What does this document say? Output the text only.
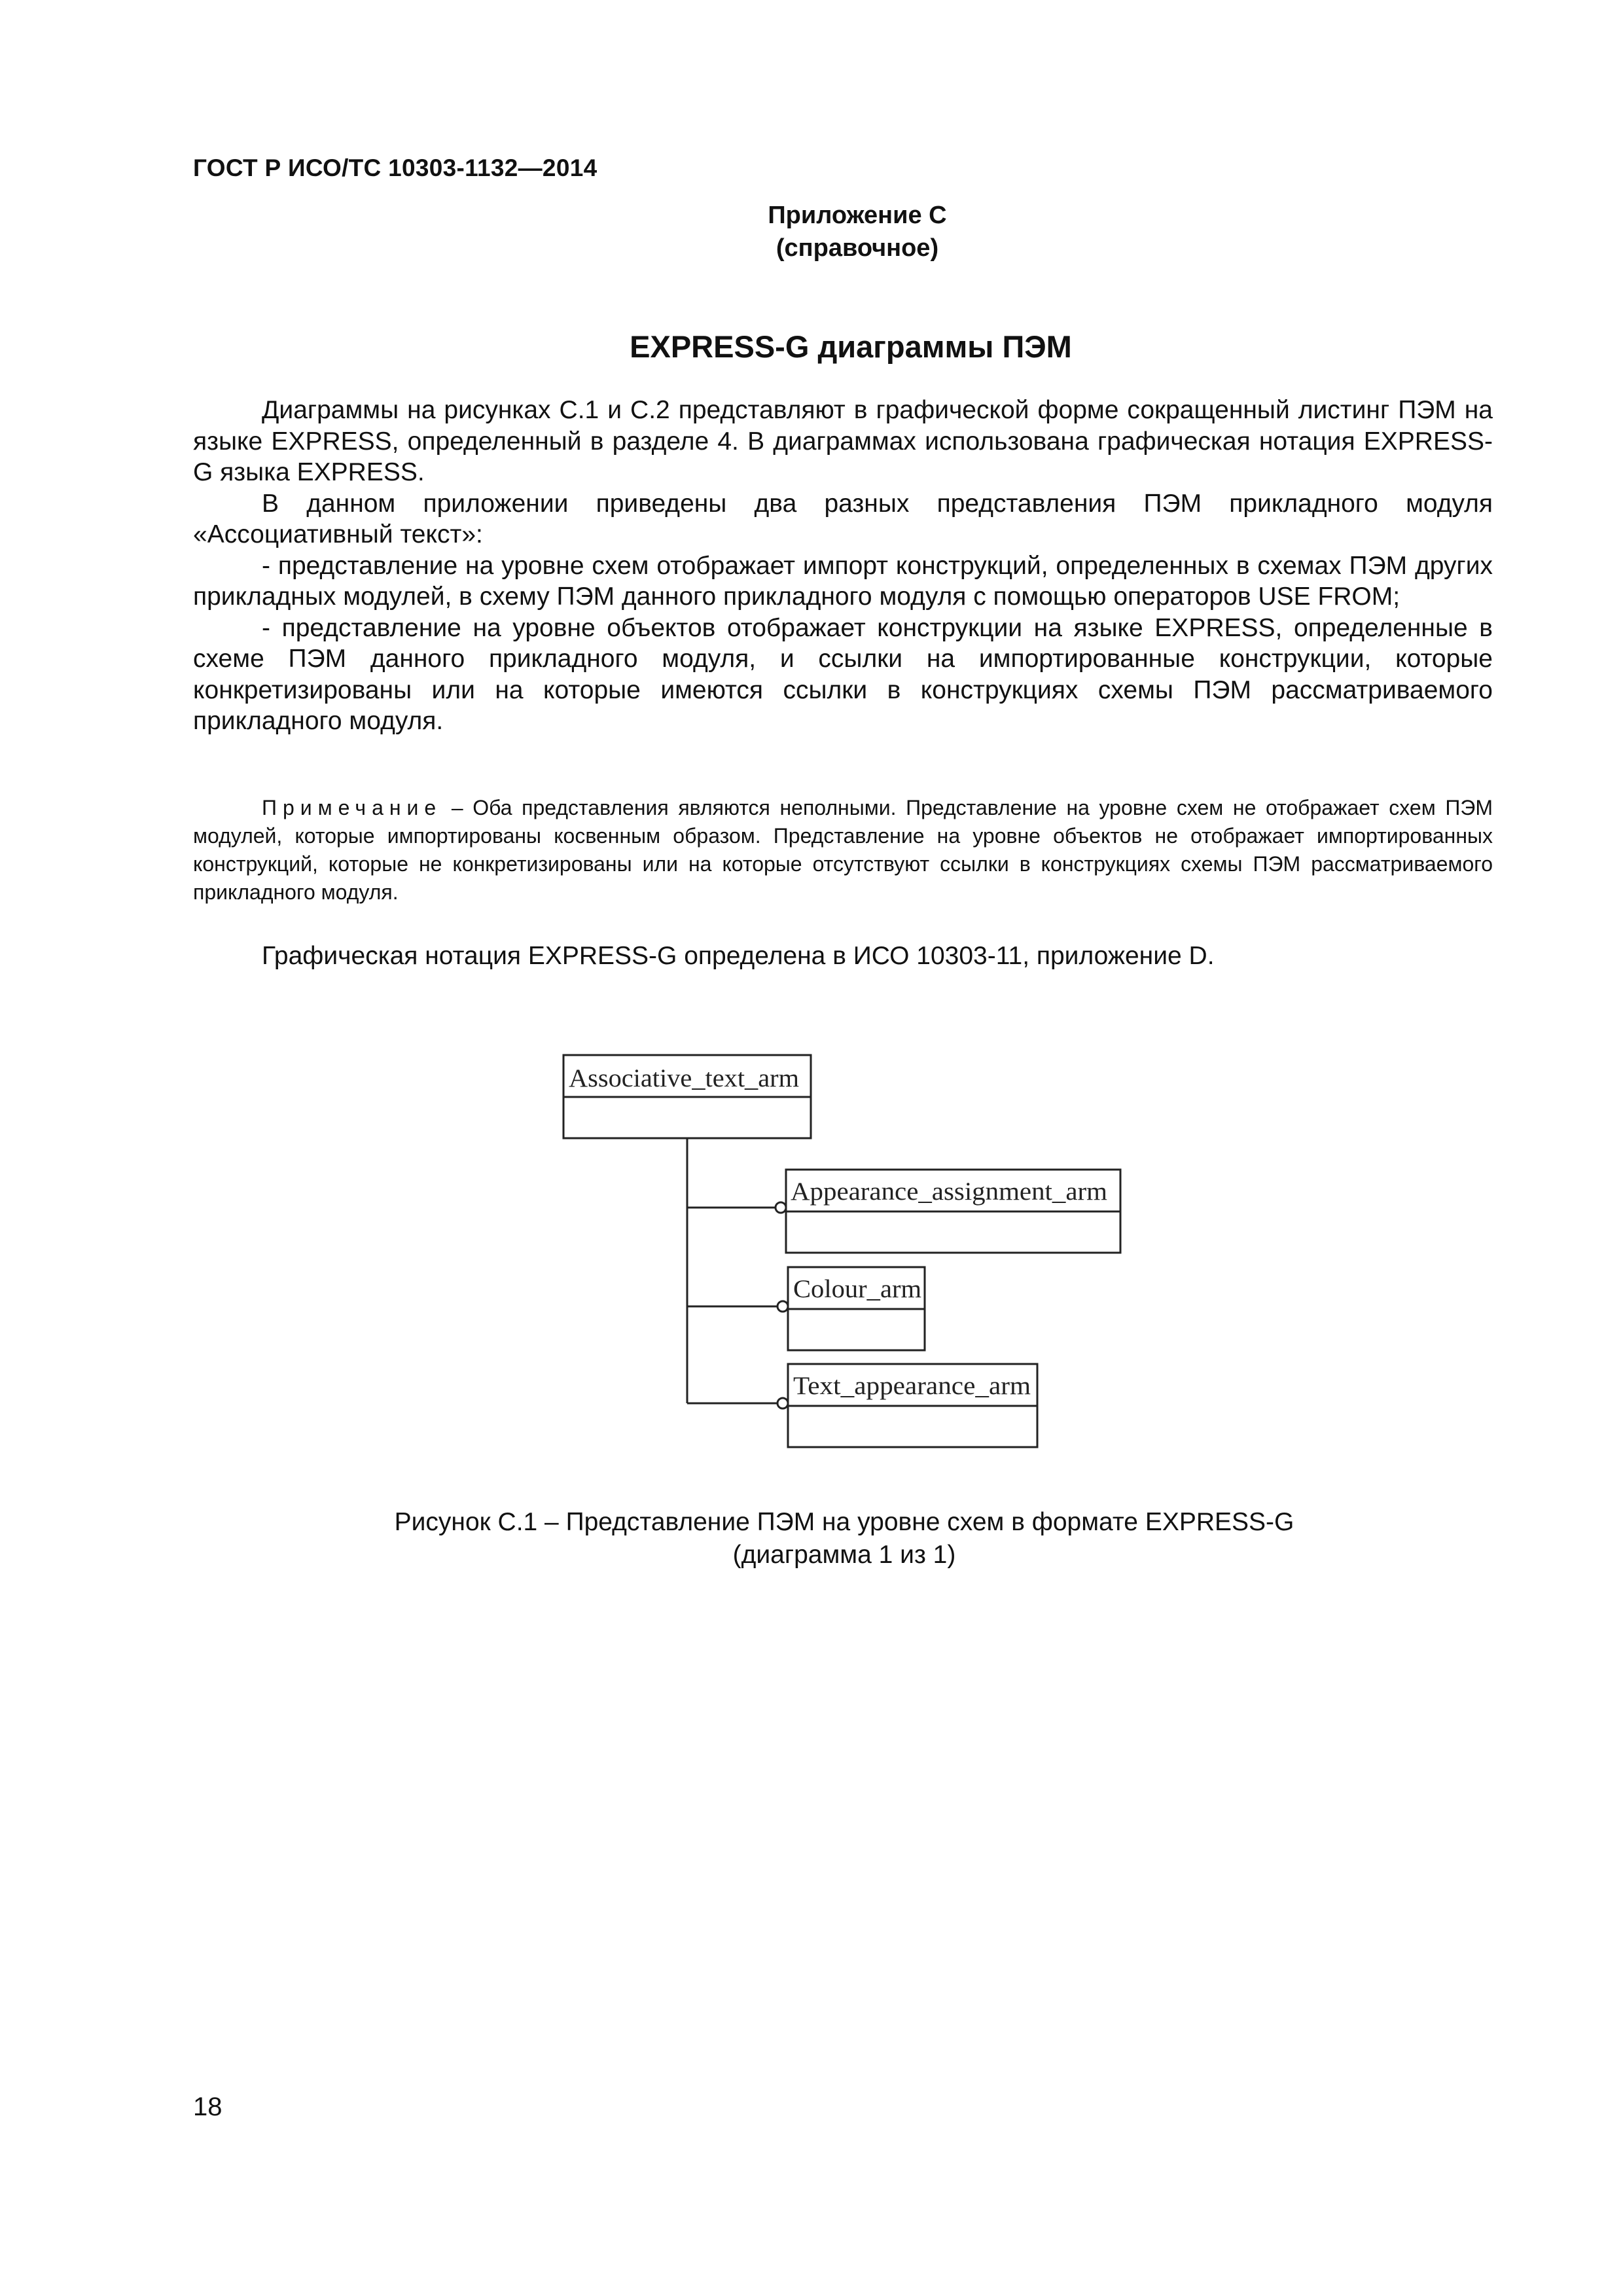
ГОСТ Р ИСО/ТС 10303-1132—2014
Приложение С
(справочное)
EXPRESS-G диаграммы ПЭМ

Диаграммы на рисунках С.1 и С.2 представляют в графической форме сокращенный листинг ПЭМ на языке EXPRESS, определенный в разделе 4. В диаграммах использована графическая нотация EXPRESS-G языка EXPRESS.

В данном приложении приведены два разных представления ПЭМ прикладного модуля «Ассоциативный текст»:

- представление на уровне схем отображает импорт конструкций, определенных в схемах ПЭМ других прикладных модулей, в схему ПЭМ данного прикладного модуля с помощью операторов USE FROM;

- представление на уровне объектов отображает конструкции на языке EXPRESS, определенные в схеме ПЭМ данного прикладного модуля, и ссылки на импортированные конструкции, которые конкретизированы или на которые имеются ссылки в конструкциях схемы ПЭМ рассматриваемого прикладного модуля.

Примечание – Оба представления являются неполными. Представление на уровне схем не отображает схем ПЭМ модулей, которые импортированы косвенным образом. Представление на уровне объектов не отображает импортированных конструкций, которые не конкретизированы или на которые отсутствуют ссылки в конструкциях схемы ПЭМ рассматриваемого прикладного модуля.

Графическая нотация EXPRESS-G определена в ИСО 10303-11, приложение D.

Associative_text_arm
Appearance_assignment_arm
Colour_arm
Text_appearance_arm
Рисунок С.1 – Представление ПЭМ на уровне схем в формате EXPRESS-G
(диаграмма 1 из 1)
18
